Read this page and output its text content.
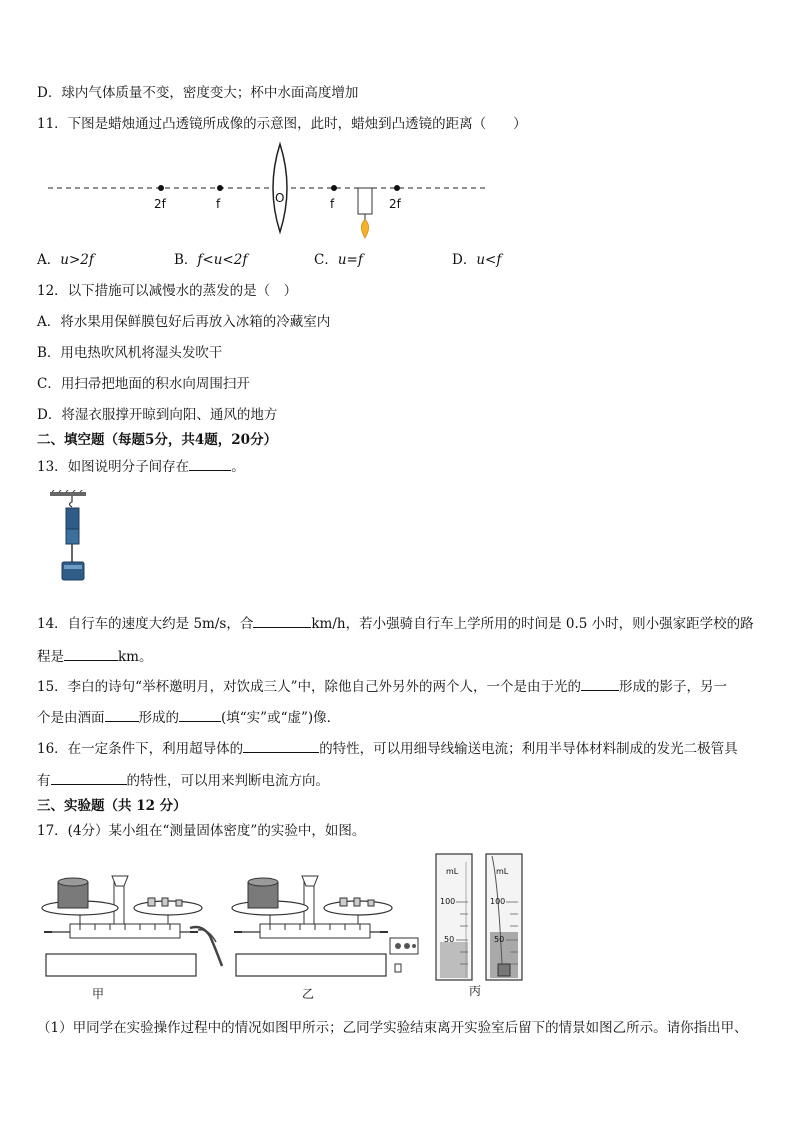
D．球内气体质量不变，密度变大；杯中水面高度增加
11．下图是蜡烛通过凸透镜所成像的示意图，此时，蜡烛到凸透镜的距离（　　）
2f	f	O	f	2f
A．u>2f	B．f<u<2f	C．u=f	D．u<f
12．以下措施可以减慢水的蒸发的是（　）
A．将水果用保鲜膜包好后再放入冰箱的冷藏室内
B．用电热吹风机将湿头发吹干
C．用扫帚把地面的积水向周围扫开
D．将湿衣服撑开晾到向阳、通风的地方
二、填空题（每题5分，共4题，20分）
13．如图说明分子间存在	。
14．自行车的速度大约是 5m/s，合	km/h，若小强骑自行车上学所用的时间是 0.5 小时，则小强家距学校的路
程是	km。
15．李白的诗句“举杯邀明月，对饮成三人”中，除他自己外另外的两个人，一个是由于光的	形成的影子，另一
个是由酒面	形成的	(填“实”或“虚”)像．
16．在一定条件下，利用超导体的	的特性，可以用细导线输送电流；利用半导体材料制成的发光二极管具
有	的特性，可以用来判断电流方向。
三、实验题（共 12 分）
17．(4分）某小组在“测量固体密度”的实验中，如图。
甲	乙
mL
100
50
mL
100
50
丙
（1）甲同学在实验操作过程中的情况如图甲所示；乙同学实验结束离开实验室后留下的情景如图乙所示。请你指出甲、
